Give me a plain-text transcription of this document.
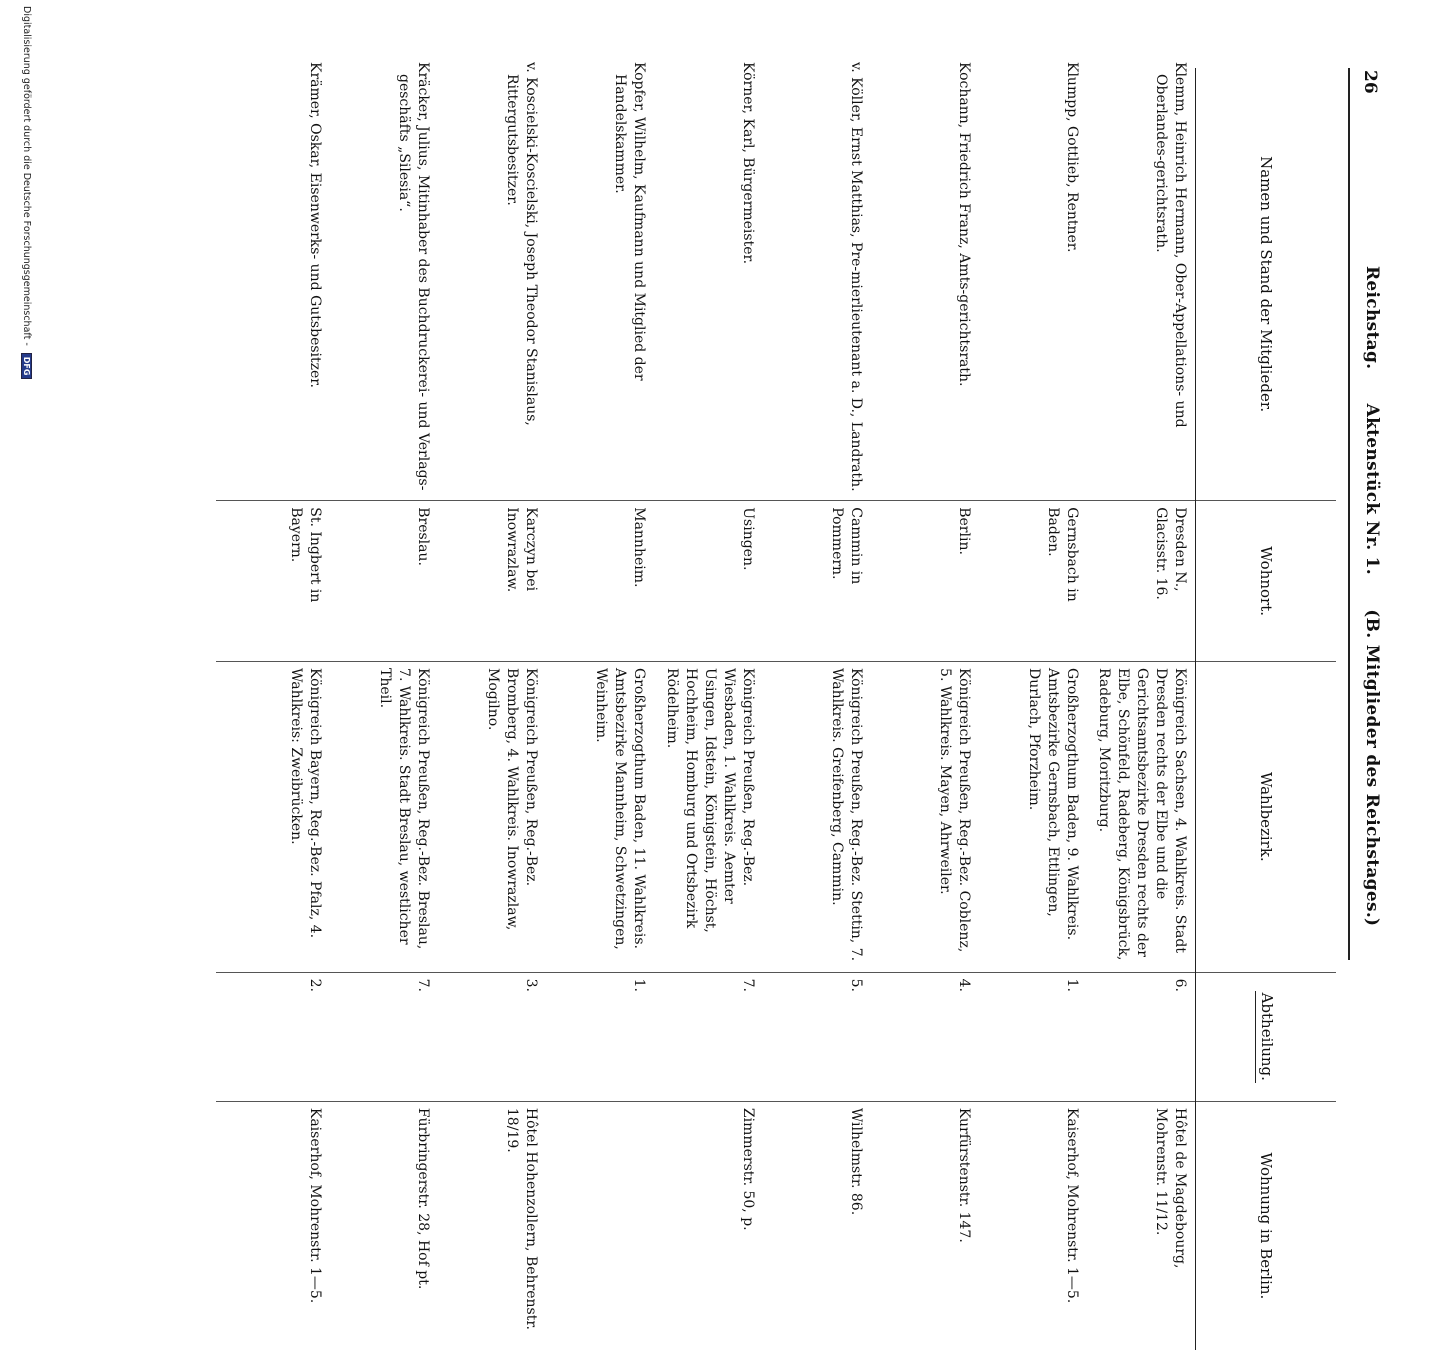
26
Reichstag. Aktenstück Nr. 1. (B. Mitglieder des Reichstages.)
Namen und Stand der Mitglieder.	Wohnort.	Wahlbezirk.	Abtheilung.	Wohnung in Berlin.
Klemm, Heinrich Hermann, Ober-Appellations- und Oberlandes-gerichtsrath.	Dresden N., Glacisstr. 16.	Königreich Sachsen, 4. Wahlkreis. Stadt Dresden rechts der Elbe und die Gerichtsamtsbezirke Dresden rechts der Elbe, Schönfeld, Radeberg, Königsbrück, Radeburg, Moritzburg.	6.	Hôtel de Magdebourg, Mohrenstr. 11/12.
Klumpp, Gottlieb, Rentner.	Gernsbach in Baden.	Großherzogthum Baden, 9. Wahlkreis. Amtsbezirke Gernsbach, Ettlingen, Durlach, Pforzheim.	1.	Kaiserhof, Mohrenstr. 1—5.
Kochann, Friedrich Franz, Amts-gerichtsrath.	Berlin.	Königreich Preußen, Reg.-Bez. Coblenz, 5. Wahlkreis. Mayen, Ahrweiler.	4.	Kurfürstenstr. 147.
v. Köller, Ernst Matthias, Pre-mierlieutenant a. D., Landrath.	Cammin in Pommern.	Königreich Preußen, Reg.-Bez. Stettin, 7. Wahlkreis. Greifenberg, Cammin.	5.	Wilhelmstr. 86.
Körner, Karl, Bürgermeister.	Usingen.	Königreich Preußen, Reg.-Bez. Wiesbaden, 1. Wahlkreis. Aemter Usingen, Idstein, Königstein, Höchst, Hochheim, Homburg und Ortsbezirk Rödelheim.	7.	Zimmerstr. 50, p.
Kopfer, Wilhelm, Kaufmann und Mitglied der Handelskammer.	Mannheim.	Großherzogthum Baden, 11. Wahlkreis. Amtsbezirke Mannheim, Schwetzingen, Weinheim.	1.	
v. Koscielski-Koscielski, Joseph Theodor Stanislaus, Rittergutsbesitzer.	Karczyn bei Inowrazlaw.	Königreich Preußen, Reg.-Bez. Bromberg, 4. Wahlkreis. Inowrazlaw, Mogilno.	3.	Hôtel Hohenzollern, Behrenstr. 18/19.
Kräcker, Julius, Mitinhaber des Buchdruckerei- und Verlags-geschäfts „Silesia“.	Breslau.	Königreich Preußen, Reg.-Bez. Breslau, 7. Wahlkreis. Stadt Breslau, westlicher Theil.	7.	Fürbringerstr. 28, Hof pt.
Krämer, Oskar, Eisenwerks- und Gutsbesitzer.	St. Ingbert in Bayern.	Königreich Bayern, Reg.-Bez. Pfalz, 4. Wahlkreis: Zweibrücken.	2.	Kaiserhof, Mohrenstr. 1—5.
Digitalisierung gefördert durch die Deutsche Forschungsgemeinschaft - DFG
